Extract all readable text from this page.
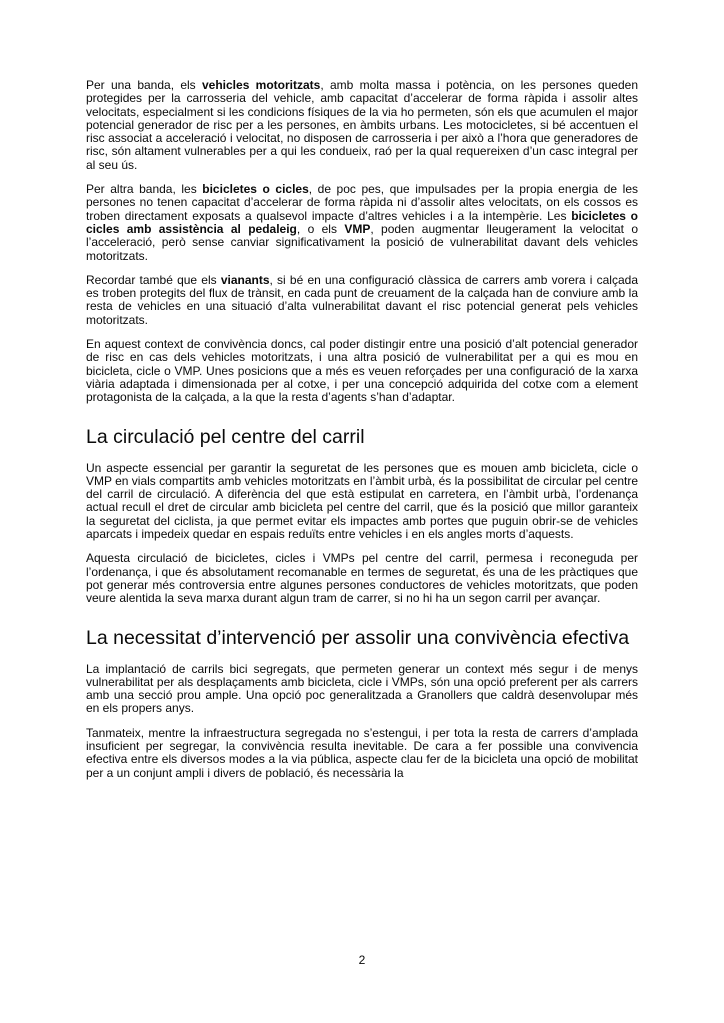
Per una banda, els vehicles motoritzats, amb molta massa i potència, on les persones queden protegides per la carrosseria del vehicle, amb capacitat d’accelerar de forma ràpida i assolir altes velocitats, especialment si les condicions físiques de la via ho permeten, són els que acumulen el major potencial generador de risc per a les persones, en àmbits urbans. Les motocicletes, si bé accentuen el risc associat a acceleració i velocitat, no disposen de carrosseria i per això a l’hora que generadores de risc, són altament vulnerables per a qui les condueix, raó per la qual requereixen d’un casc integral per al seu ús.

Per altra banda, les bicicletes o cicles, de poc pes, que impulsades per la propia energia de les persones no tenen capacitat d’accelerar de forma ràpida ni d’assolir altes velocitats, on els cossos es troben directament exposats a qualsevol impacte d’altres vehicles i a la intempèrie. Les bicicletes o cicles amb assistència al pedaleig, o els VMP, poden augmentar lleugerament la velocitat o l’acceleració, però sense canviar significativament la posició de vulnerabilitat davant dels vehicles motoritzats.

Recordar també que els vianants, si bé en una configuració clàssica de carrers amb vorera i calçada es troben protegits del flux de trànsit, en cada punt de creuament de la calçada han de conviure amb la resta de vehicles en una situació d’alta vulnerabilitat davant el risc potencial generat pels vehicles motoritzats.

En aquest context de convivència doncs, cal poder distingir entre una posició d’alt potencial generador de risc en cas dels vehicles motoritzats, i una altra posició de vulnerabilitat per a qui es mou en bicicleta, cicle o VMP. Unes posicions que a més es veuen reforçades per una configuració de la xarxa viària adaptada i dimensionada per al cotxe, i per una concepció adquirida del cotxe com a element protagonista de la calçada, a la que la resta d’agents s’han d’adaptar.

La circulació pel centre del carril

Un aspecte essencial per garantir la seguretat de les persones que es mouen amb bicicleta, cicle o VMP en vials compartits amb vehicles motoritzats en l’àmbit urbà, és la possibilitat de circular pel centre del carril de circulació. A diferència del que està estipulat en carretera, en l’àmbit urbà, l’ordenança actual recull el dret de circular amb bicicleta pel centre del carril, que és la posició que millor garanteix la seguretat del ciclista, ja que permet evitar els impactes amb portes que puguin obrir-se de vehicles aparcats i impedeix quedar en espais reduïts entre vehicles i en els angles morts d’aquests.

Aquesta circulació de bicicletes, cicles i VMPs pel centre del carril, permesa i reconeguda per l’ordenança, i que és absolutament recomanable en termes de seguretat, és una de les pràctiques que pot generar més controversia entre algunes persones conductores de vehicles motoritzats, que poden veure alentida la seva marxa durant algun tram de carrer, si no hi ha un segon carril per avançar.

La necessitat d’intervenció per assolir una convivència efectiva

La implantació de carrils bici segregats, que permeten generar un context més segur i de menys vulnerabilitat per als desplaçaments amb bicicleta, cicle i VMPs, són una opció preferent per als carrers amb una secció prou ample. Una opció poc generalitzada a Granollers que caldrà desenvolupar més en els propers anys.

Tanmateix, mentre la infraestructura segregada no s’estengui, i per tota la resta de carrers d’amplada insuficient per segregar, la convivència resulta inevitable. De cara a fer possible una convivencia efectiva entre els diversos modes a la via pública, aspecte clau fer de la bicicleta una opció de mobilitat per a un conjunt ampli i divers de població, és necessària la

2
